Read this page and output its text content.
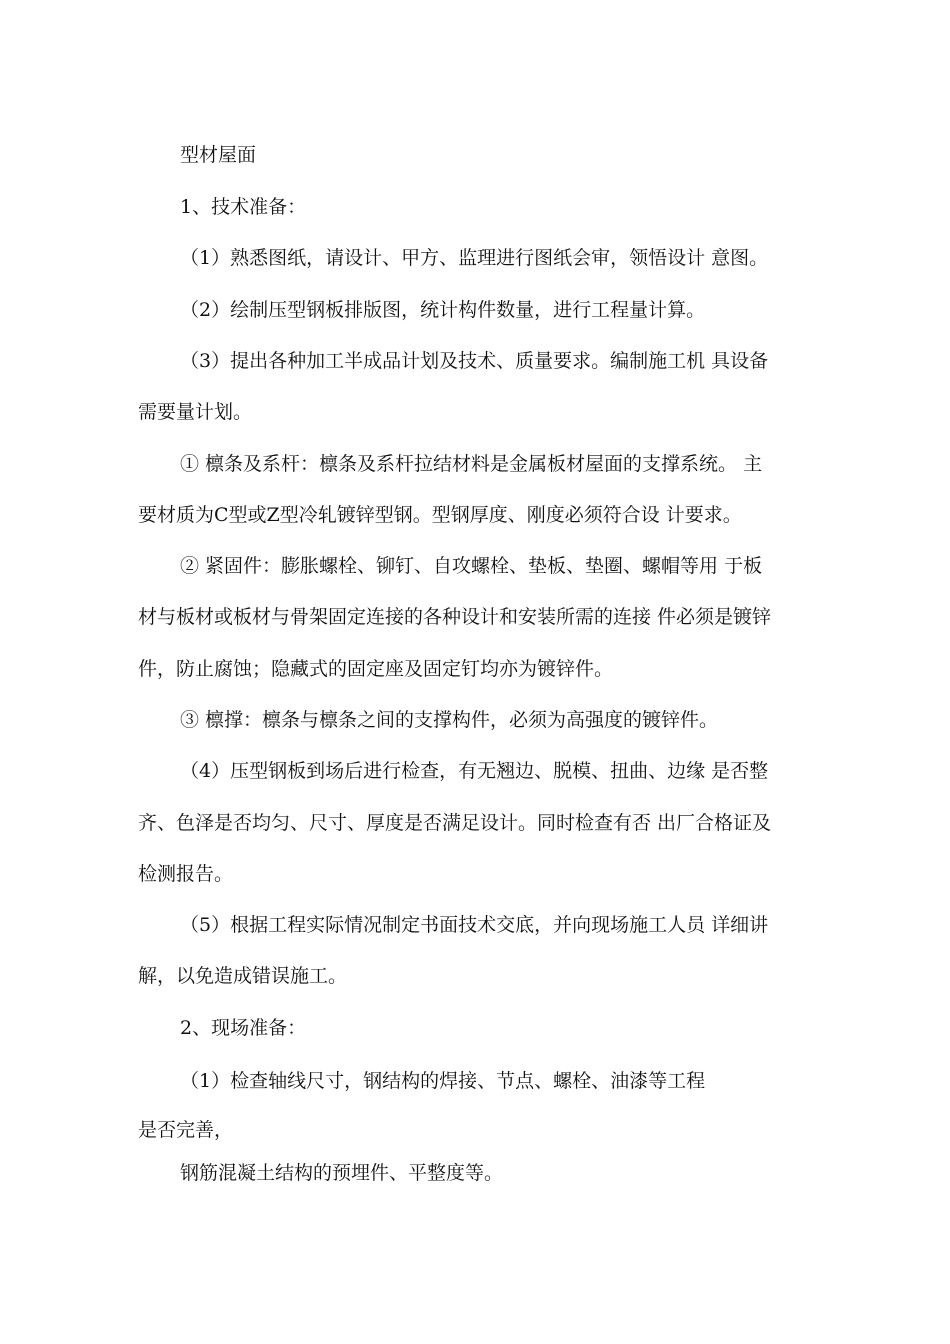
型材屋面
1、技术准备：
（1）熟悉图纸，请设计、甲方、监理进行图纸会审，领悟设计 意图。
（2）绘制压型钢板排版图，统计构件数量，进行工程量计算。
（3）提出各种加工半成品计划及技术、质量要求。编制施工机 具设备
需要量计划。
① 檩条及系杆：檩条及系杆拉结材料是金属板材屋面的支撑系统。 主
要材质为C型或Z型冷轧镀锌型钢。型钢厚度、刚度必须符合设 计要求。
② 紧固件：膨胀螺栓、铆钉、自攻螺栓、垫板、垫圈、螺帽等用 于板
材与板材或板材与骨架固定连接的各种设计和安装所需的连接 件必须是镀锌
件，防止腐蚀；隐藏式的固定座及固定钉均亦为镀锌件。
③ 檩撑：檩条与檩条之间的支撑构件，必须为高强度的镀锌件。
（4）压型钢板到场后进行检查，有无翘边、脱模、扭曲、边缘 是否整
齐、色泽是否均匀、尺寸、厚度是否满足设计。同时检查有否 出厂合格证及
检测报告。
（5）根据工程实际情况制定书面技术交底，并向现场施工人员 详细讲
解，以免造成错误施工。
2、现场准备：
（1）检查轴线尺寸，钢结构的焊接、节点、螺栓、油漆等工程
是否完善，
钢筋混凝土结构的预埋件、平整度等。
